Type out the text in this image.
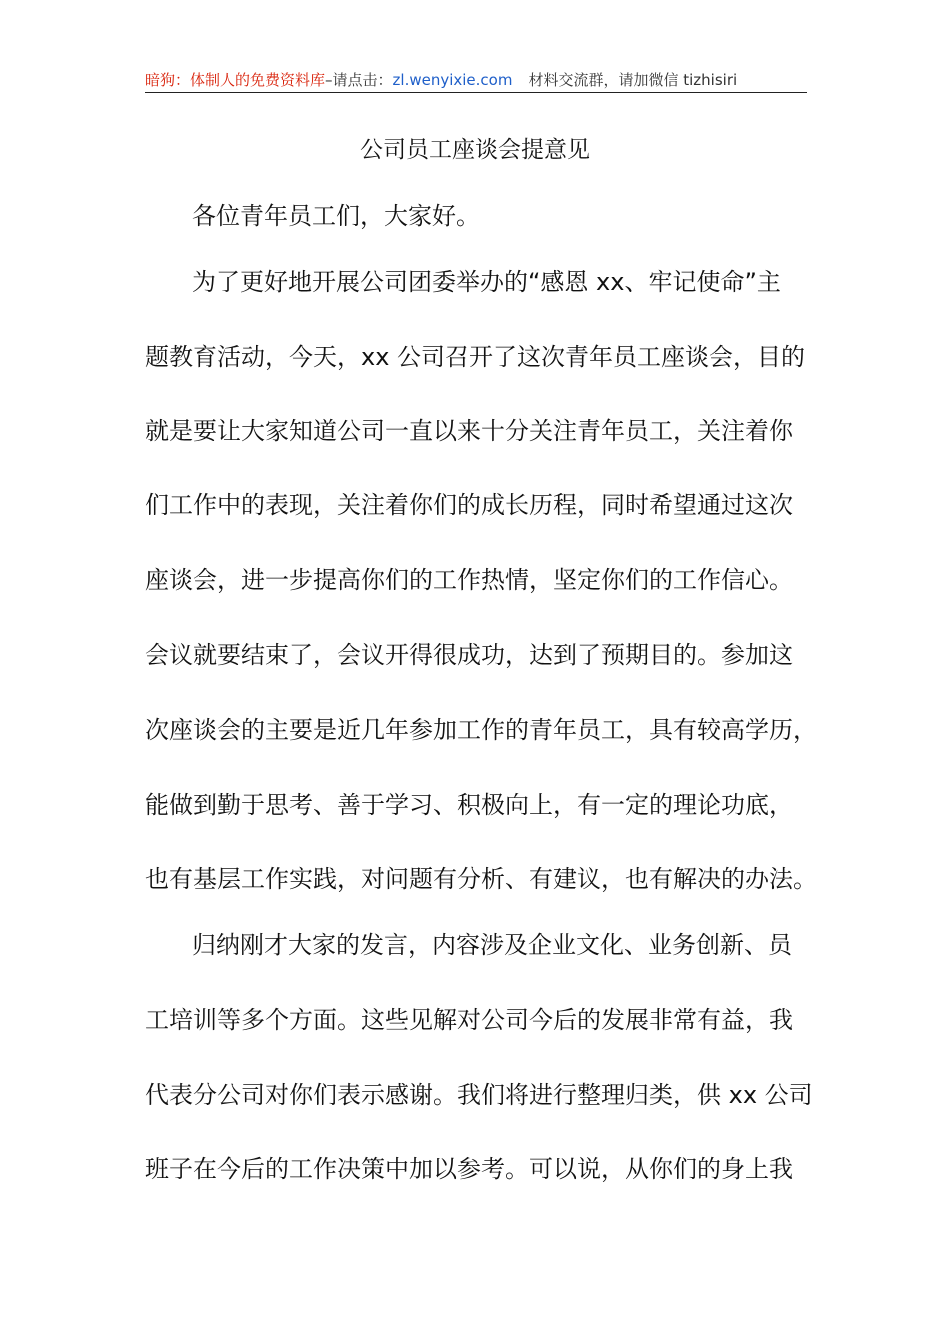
暗狗：体制人的免费资料库–请点击：zl.wenyixie.com 材料交流群，请加微信 tizhisiri
公司员工座谈会提意见
各位青年员工们，大家好。
为了更好地开展公司团委举办的“感恩 xx、牢记使命”主
题教育活动，今天，xx 公司召开了这次青年员工座谈会，目的
就是要让大家知道公司一直以来十分关注青年员工，关注着你
们工作中的表现，关注着你们的成长历程，同时希望通过这次
座谈会，进一步提高你们的工作热情，坚定你们的工作信心。
会议就要结束了，会议开得很成功，达到了预期目的。参加这
次座谈会的主要是近几年参加工作的青年员工，具有较高学历，
能做到勤于思考、善于学习、积极向上，有一定的理论功底，
也有基层工作实践，对问题有分析、有建议，也有解决的办法。
归纳刚才大家的发言，内容涉及企业文化、业务创新、员
工培训等多个方面。这些见解对公司今后的发展非常有益，我
代表分公司对你们表示感谢。我们将进行整理归类，供 xx 公司
班子在今后的工作决策中加以参考。可以说，从你们的身上我
